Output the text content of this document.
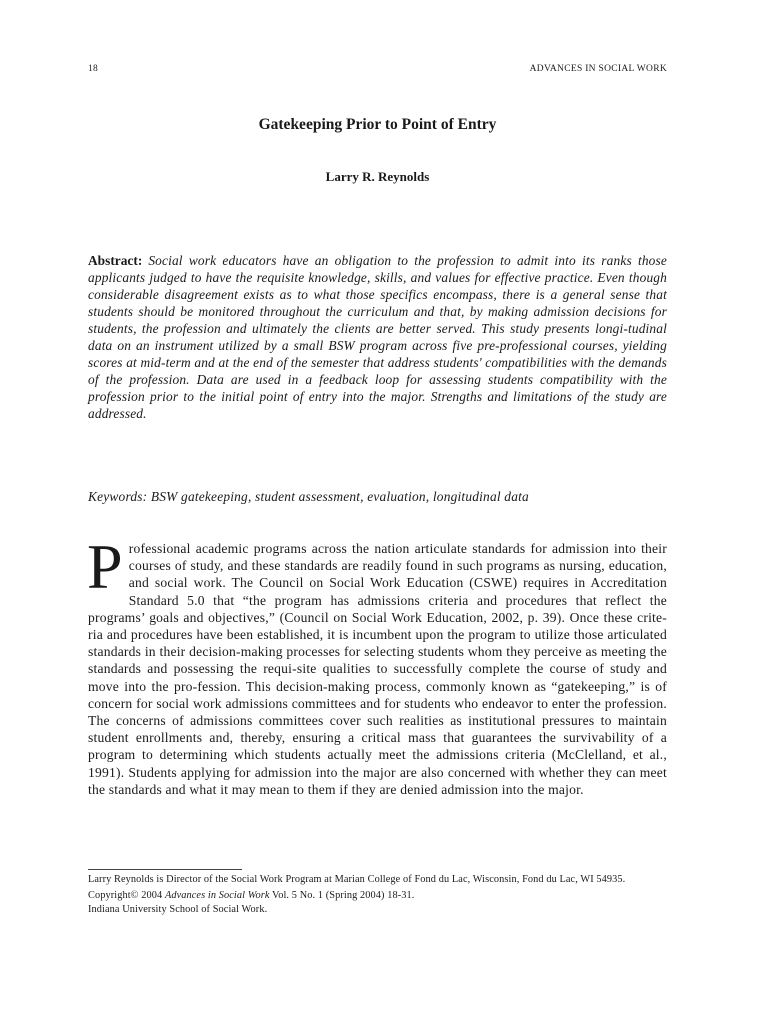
18	ADVANCES IN SOCIAL WORK
Gatekeeping Prior to Point of Entry
Larry R. Reynolds
Abstract: Social work educators have an obligation to the profession to admit into its ranks those applicants judged to have the requisite knowledge, skills, and values for effective practice. Even though considerable disagreement exists as to what those specifics encompass, there is a general sense that students should be monitored throughout the curriculum and that, by making admission decisions for students, the profession and ultimately the clients are better served. This study presents longi-tudinal data on an instrument utilized by a small BSW program across five pre-professional courses, yielding scores at mid-term and at the end of the semester that address students' compatibilities with the demands of the profession. Data are used in a feedback loop for assessing students compatibility with the profession prior to the initial point of entry into the major. Strengths and limitations of the study are addressed.
Keywords: BSW gatekeeping, student assessment, evaluation, longitudinal data
P rofessional academic programs across the nation articulate standards for admission into their courses of study, and these standards are readily found in such programs as nursing, education, and social work. The Council on Social Work Education (CSWE) requires in Accreditation Standard 5.0 that “the program has admissions criteria and procedures that reflect the programs’ goals and objectives,” (Council on Social Work Education, 2002, p. 39). Once these crite-ria and procedures have been established, it is incumbent upon the program to utilize those articulated standards in their decision-making processes for selecting students whom they perceive as meeting the standards and possessing the requi-site qualities to successfully complete the course of study and move into the pro-fession. This decision-making process, commonly known as “gatekeeping,” is of concern for social work admissions committees and for students who endeavor to enter the profession. The concerns of admissions committees cover such realities as institutional pressures to maintain student enrollments and, thereby, ensuring a critical mass that guarantees the survivability of a program to determining which students actually meet the admissions criteria (McClelland, et al., 1991). Students applying for admission into the major are also concerned with whether they can meet the standards and what it may mean to them if they are denied admission into the major.
Larry Reynolds is Director of the Social Work Program at Marian College of Fond du Lac, Wisconsin, Fond du Lac, WI 54935.
Copyright© 2004 Advances in Social Work Vol. 5 No. 1 (Spring 2004) 18-31.
Indiana University School of Social Work.
